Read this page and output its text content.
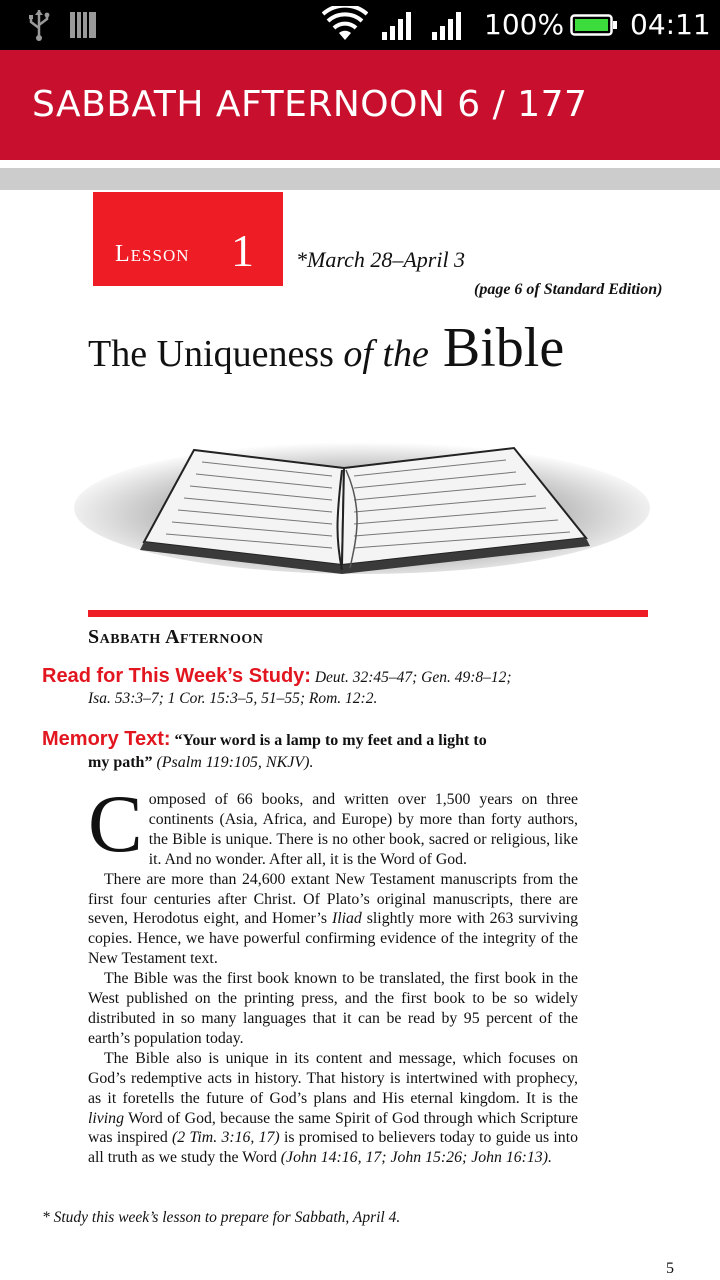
100% 04:11
SABBATH AFTERNOON 6 / 177
Lesson 1 *March 28–April 3
(page 6 of Standard Edition)
The Uniqueness of the Bible
Sabbath Afternoon
Read for This Week’s Study: Deut. 32:45–47; Gen. 49:8–12;
Isa. 53:3–7; 1 Cor. 15:3–5, 51–55; Rom. 12:2.
Memory Text: “Your word is a lamp to my feet and a light to
my path” (Psalm 119:105, NKJV).

Composed of 66 books, and written over 1,500 years on three continents (Asia, Africa, and Europe) by more than forty authors, the Bible is unique. There is no other book, sacred or religious, like it. And no wonder. After all, it is the Word of God.

There are more than 24,600 extant New Testament manuscripts from the first four centuries after Christ. Of Plato’s original manuscripts, there are seven, Herodotus eight, and Homer’s Iliad slightly more with 263 surviving copies. Hence, we have powerful confirming evidence of the integrity of the New Testament text.

The Bible was the first book known to be translated, the first book in the West published on the printing press, and the first book to be so widely distributed in so many languages that it can be read by 95 percent of the earth’s population today.

The Bible also is unique in its content and message, which focuses on God’s redemptive acts in history. That history is intertwined with prophecy, as it foretells the future of God’s plans and His eternal kingdom. It is the living Word of God, because the same Spirit of God through which Scripture was inspired (2 Tim. 3:16, 17) is promised to believers today to guide us into all truth as we study the Word (John 14:16, 17; John 15:26; John 16:13).

* Study this week’s lesson to prepare for Sabbath, April 4.
5
